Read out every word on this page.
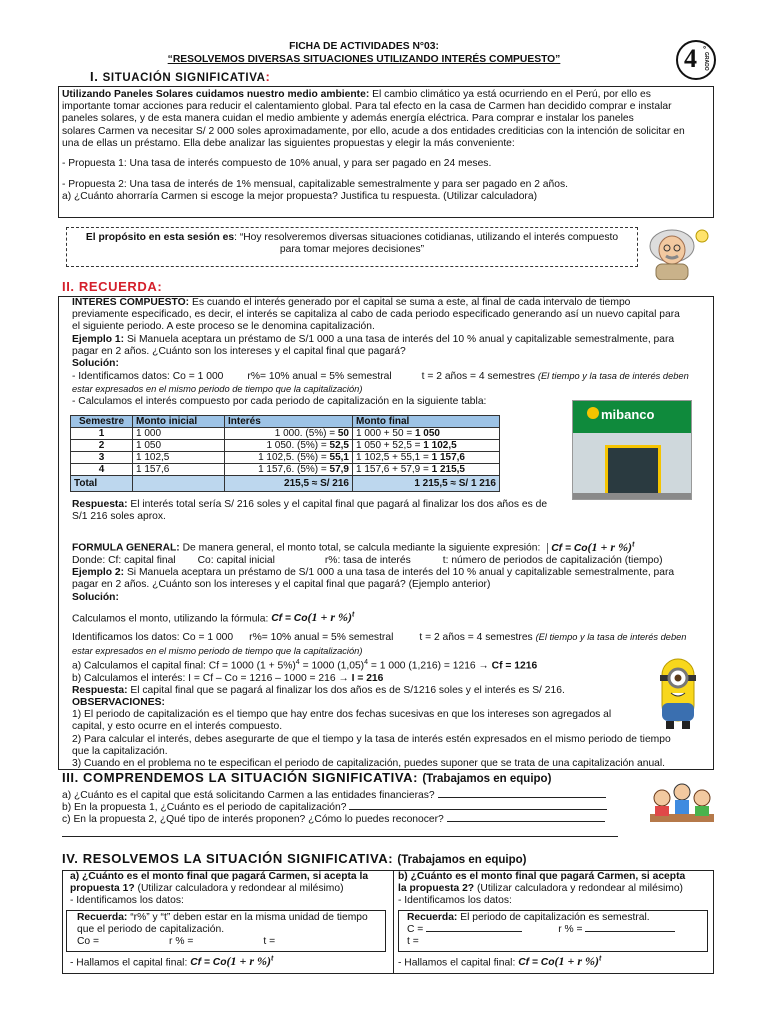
FICHA DE ACTIVIDADES N°03:
“RESOLVEMOS DIVERSAS SITUACIONES UTILIZANDO INTERÉS COMPUESTO”	4 °
GRADO
I. SITUACIÓN SIGNIFICATIVA:
Utilizando Paneles Solares cuidamos nuestro medio ambiente: El cambio climático ya está ocurriendo en el Perú, por ello es
importante tomar acciones para reducir el calentamiento global. Para tal efecto en la casa de Carmen han decidido comprar e instalar
paneles solares, y de esta manera cuidan el medio ambiente y además energía eléctrica. Para comprar e instalar los paneles
solares Carmen va necesitar S/ 2 000 soles aproximadamente, por ello, acude a dos entidades crediticias con la intención de solicitar en
una de ellas un préstamo. Ella debe analizar las siguientes propuestas y elegir la más conveniente:
- Propuesta 1: Una tasa de interés compuesto de 10% anual, y para ser pagado en 24 meses.
- Propuesta 2: Una tasa de interés de 1% mensual, capitalizable semestralmente y para ser pagado en 2 años.
a) ¿Cuánto ahorraría Carmen si escoge la mejor propuesta? Justifica tu respuesta. (Utilizar calculadora)
El propósito en esta sesión es: “Hoy resolveremos diversas situaciones cotidianas, utilizando el interés compuesto
para tomar mejores decisiones”
II. RECUERDA:
INTERES COMPUESTO: Es cuando el interés generado por el capital se suma a este, al final de cada intervalo de tiempo
previamente especificado, es decir, el interés se capitaliza al cabo de cada periodo especificado generando así un nuevo capital para
el siguiente periodo. A este proceso se le denomina capitalización.
Ejemplo 1: Si Manuela aceptara un préstamo de S/1 000 a una tasa de interés del 10 % anual y capitalizable semestralmente, para
pagar en 2 años. ¿Cuánto son los intereses y el capital final que pagará?
Solución:
- Identificamos datos: Co = 1 000 r%= 10% anual = 5% semestral	t = 2 años = 4 semestres (El tiempo y la tasa de interés deben
estar expresados en el mismo periodo de tiempo que la capitalización)
- Calculamos el interés compuesto por cada periodo de capitalización en la siguiente tabla:
Semestre	Monto inicial	Interés	Monto final
1	1 000	1 000. (5%) = 50	1 000 + 50 = 1 050
2	1 050	1 050. (5%) = 52,5	1 050 + 52,5 = 1 102,5
3	1 102,5	1 102,5. (5%) = 55,1	1 102,5 + 55,1 = 1 157,6
4	1 157,6	1 157,6. (5%) = 57,9	1 157,6 + 57,9 = 1 215,5
Total		215,5 ≈ S/ 216	1 215,5 ≈ S/ 1 216
mibanco
Respuesta: El interés total sería S/ 216 soles y el capital final que pagará al finalizar los dos años es de
S/1 216 soles aprox.
FORMULA GENERAL: De manera general, el monto total, se calcula mediante la siguiente expresión: Cf = Co(1 + r %)$^t$
Donde: Cf: capital final Co: capital inicial	r%: tasa de interés	t: número de periodos de capitalización (tiempo)
Ejemplo 2: Si Manuela aceptara un préstamo de S/1 000 a una tasa de interés del 10 % anual y capitalizable semestralmente, para
pagar en 2 años. ¿Cuánto son los intereses y el capital final que pagará? (Ejemplo anterior)
Solución:
Calculamos el monto, utilizando la fórmula: Cf = Co(1 + r %)$^t$
Identificamos los datos: Co = 1 000 r%= 10% anual = 5% semestral	t = 2 años = 4 semestres (El tiempo y la tasa de interés deben
estar expresados en el mismo periodo de tiempo que la capitalización)
a) Calculamos el capital final: Cf = 1000 $(1 + 5\%)^4 = 1000$ $(1,05)^4 = 1$ 000 (1,216) = 1216 → Cf = 1216
b) Calculamos el interés: I = Cf – Co = 1216 – 1000 = 216 → I = 216
Respuesta: El capital final que se pagará al finalizar los dos años es de S/1216 soles y el interés es S/ 216.
OBSERVACIONES:
1) El periodo de capitalización es el tiempo que hay entre dos fechas sucesivas en que los intereses son agregados al
capital, y esto ocurre en el interés compuesto.
2) Para calcular el interés, debes asegurarte de que el tiempo y la tasa de interés estén expresados en el mismo periodo de tiempo
que la capitalización.
3) Cuando en el problema no te especifican el periodo de capitalización, puedes suponer que se trata de una capitalización anual.
III. COMPRENDEMOS LA SITUACIÓN SIGNIFICATIVA: (Trabajamos en equipo)
a) ¿Cuánto es el capital que está solicitando Carmen a las entidades financieras?
b) En la propuesta 1, ¿Cuánto es el periodo de capitalización?
c) En la propuesta 2, ¿Qué tipo de interés proponen? ¿Cómo lo puedes reconocer?
IV. RESOLVEMOS LA SITUACIÓN SIGNIFICATIVA: (Trabajamos en equipo)
a) ¿Cuánto es el monto final que pagará Carmen, si acepta la
propuesta 1? (Utilizar calculadora y redondear al milésimo)
- Identificamos los datos:
Recuerda: “r%” y “t” deben estar en la misma unidad de tiempo
que el periodo de capitalización.
Co =	r % =	t =
- Hallamos el capital final: Cf = Co(1 + r %)$^t$
b) ¿Cuánto es el monto final que pagará Carmen, si acepta
la propuesta 2? (Utilizar calculadora y redondear al milésimo)
- Identificamos los datos:
Recuerda: El periodo de capitalización es semestral.
C =	r % =
t =
- Hallamos el capital final: Cf = Co(1 + r %)$^t$
